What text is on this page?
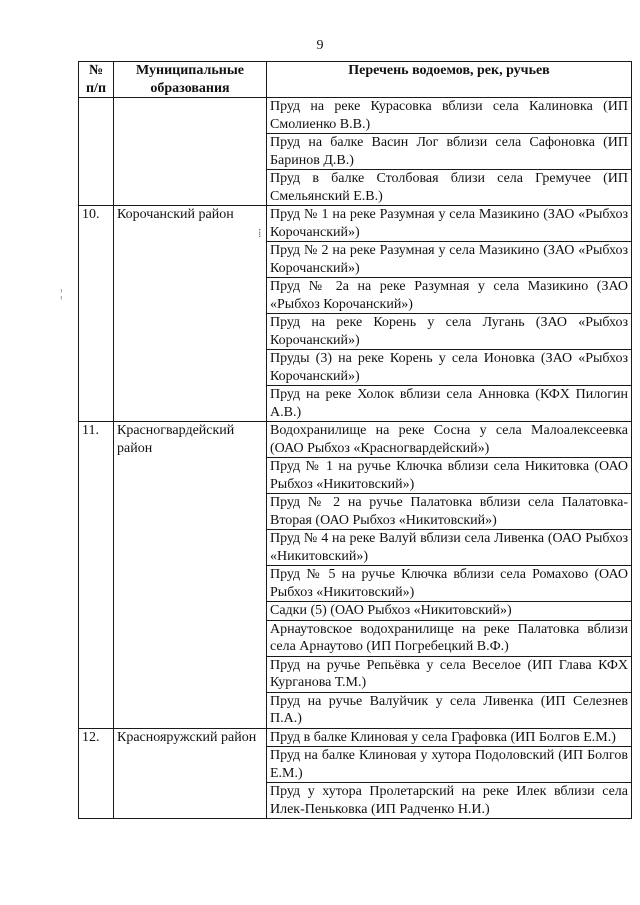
9
№ п/п	Муниципальные образования	Перечень водоемов, рек, ручьев
		Пруд на реке Курасовка вблизи села Калиновка (ИП Смолиенко В.В.)
		Пруд на балке Васин Лог вблизи села Сафоновка (ИП Баринов Д.В.)
		Пруд в балке Столбовая близи села Гремучее (ИП Смельянский Е.В.)
10.	Корочанский район	Пруд № 1 на реке Разумная у села Мазикино (ЗАО «Рыбхоз Корочанский»)
		Пруд № 2 на реке Разумная у села Мазикино (ЗАО «Рыбхоз Корочанский»)
		Пруд № 2а на реке Разумная у села Мазикино (ЗАО «Рыбхоз Корочанский»)
		Пруд на реке Корень у села Лугань (ЗАО «Рыбхоз Корочанский»)
		Пруды (3) на реке Корень у села Ионовка (ЗАО «Рыбхоз Корочанский»)
		Пруд на реке Холок вблизи села Анновка (КФХ Пилогин А.В.)
11.	Красногвардейский район	Водохранилище на реке Сосна у села Малоалексеевка (ОАО Рыбхоз «Красногвардейский»)
		Пруд № 1 на ручье Ключка вблизи села Никитовка (ОАО Рыбхоз «Никитовский»)
		Пруд № 2 на ручье Палатовка вблизи села Палатовка-Вторая (ОАО Рыбхоз «Никитовский»)
		Пруд № 4 на реке Валуй вблизи села Ливенка (ОАО Рыбхоз «Никитовский»)
		Пруд № 5 на ручье Ключка вблизи села Ромахово (ОАО Рыбхоз «Никитовский»)
		Садки (5) (ОАО Рыбхоз «Никитовский»)
		Арнаутовское водохранилище на реке Палатовка вблизи села Арнаутово (ИП Погребецкий В.Ф.)
		Пруд на ручье Репьёвка у села Веселое (ИП Глава КФХ Курганова Т.М.)
		Пруд на ручье Валуйчик у села Ливенка (ИП Селезнев П.А.)
12.	Краснояружский район	Пруд в балке Клиновая у села Графовка (ИП Болгов Е.М.)
		Пруд на балке Клиновая у хутора Подоловский (ИП Болгов Е.М.)
		Пруд у хутора Пролетарский на реке Илек вблизи села Илек-Пеньковка (ИП Радченко Н.И.)
⁞
¦
